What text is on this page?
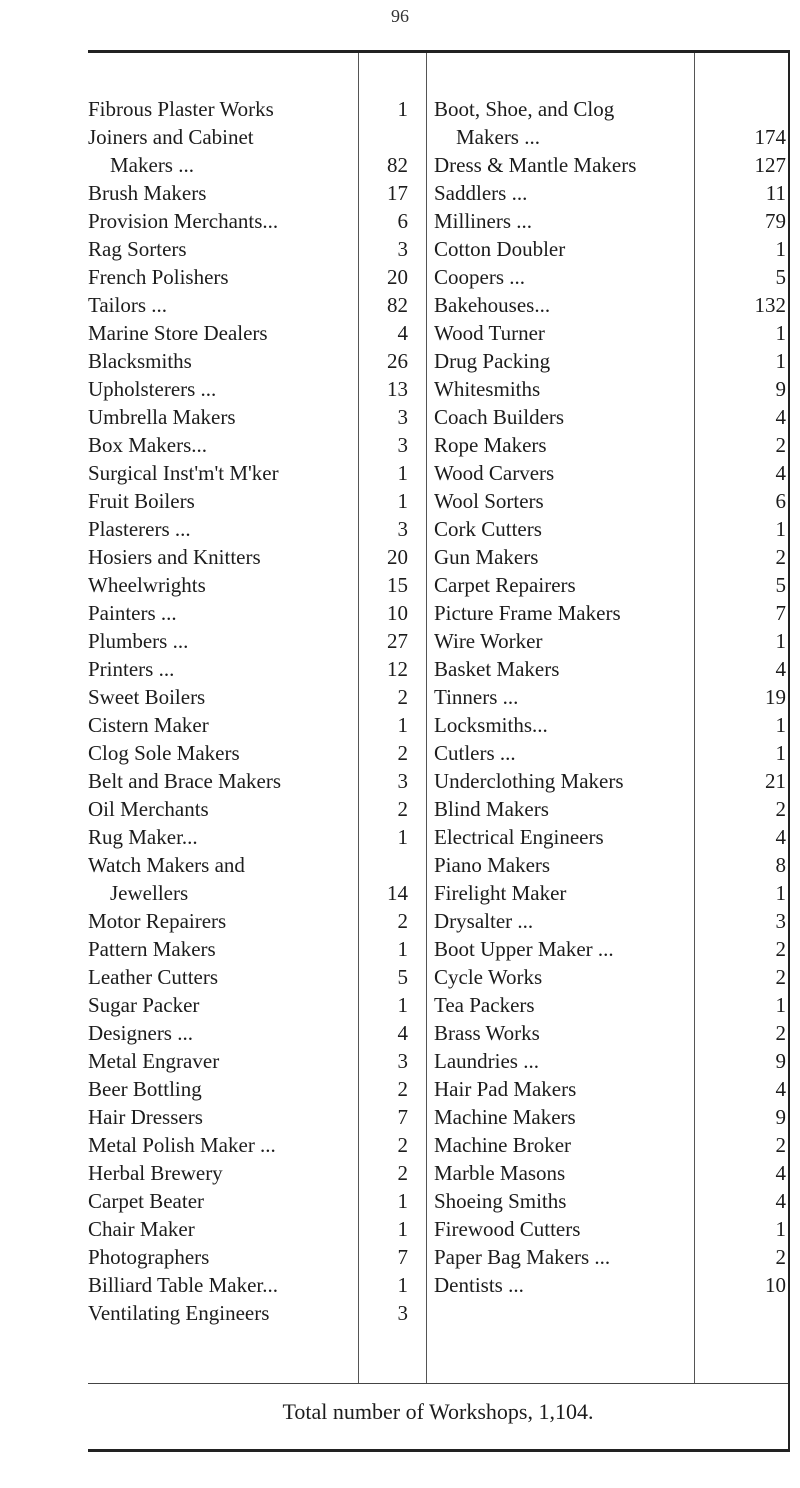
96
Fibrous Plaster Works
Joiners and Cabinet
Makers ...
Brush Makers
Provision Merchants...
Rag Sorters
French Polishers
Tailors ...
Marine Store Dealers
Blacksmiths
Upholsterers ...
Umbrella Makers
Box Makers...
Surgical Inst'm't M'ker
Fruit Boilers
Plasterers ...
Hosiers and Knitters
Wheelwrights
Painters ...
Plumbers ...
Printers ...
Sweet Boilers
Cistern Maker
Clog Sole Makers
Belt and Brace Makers
Oil Merchants
Rug Maker...
Watch Makers and
Jewellers
Motor Repairers
Pattern Makers
Leather Cutters
Sugar Packer
Designers ...
Metal Engraver
Beer Bottling
Hair Dressers
Metal Polish Maker ...
Herbal Brewery
Carpet Beater
Chair Maker
Photographers
Billiard Table Maker...
Ventilating Engineers
1
82
17
6
3
20
82
4
26
13
3
3
1
1
3
20
15
10
27
12
2
1
2
3
2
1
14
2
1
5
1
4
3
2
7
2
2
1
1
7
1
3
Boot, Shoe, and Clog
Makers ...
Dress & Mantle Makers
Saddlers ...
Milliners ...
Cotton Doubler
Coopers ...
Bakehouses...
Wood Turner
Drug Packing
Whitesmiths
Coach Builders
Rope Makers
Wood Carvers
Wool Sorters
Cork Cutters
Gun Makers
Carpet Repairers
Picture Frame Makers
Wire Worker
Basket Makers
Tinners ...
Locksmiths...
Cutlers ...
Underclothing Makers
Blind Makers
Electrical Engineers
Piano Makers
Firelight Maker
Drysalter ...
Boot Upper Maker ...
Cycle Works
Tea Packers
Brass Works
Laundries ...
Hair Pad Makers
Machine Makers
Machine Broker
Marble Masons
Shoeing Smiths
Firewood Cutters
Paper Bag Makers ...
Dentists ...
174
127
11
79
1
5
132
1
1
9
4
2
4
6
1
2
5
7
1
4
19
1
1
21
2
4
8
1
3
2
2
1
2
9
4
9
2
4
4
1
2
10
Total number of Workshops, 1,104.
